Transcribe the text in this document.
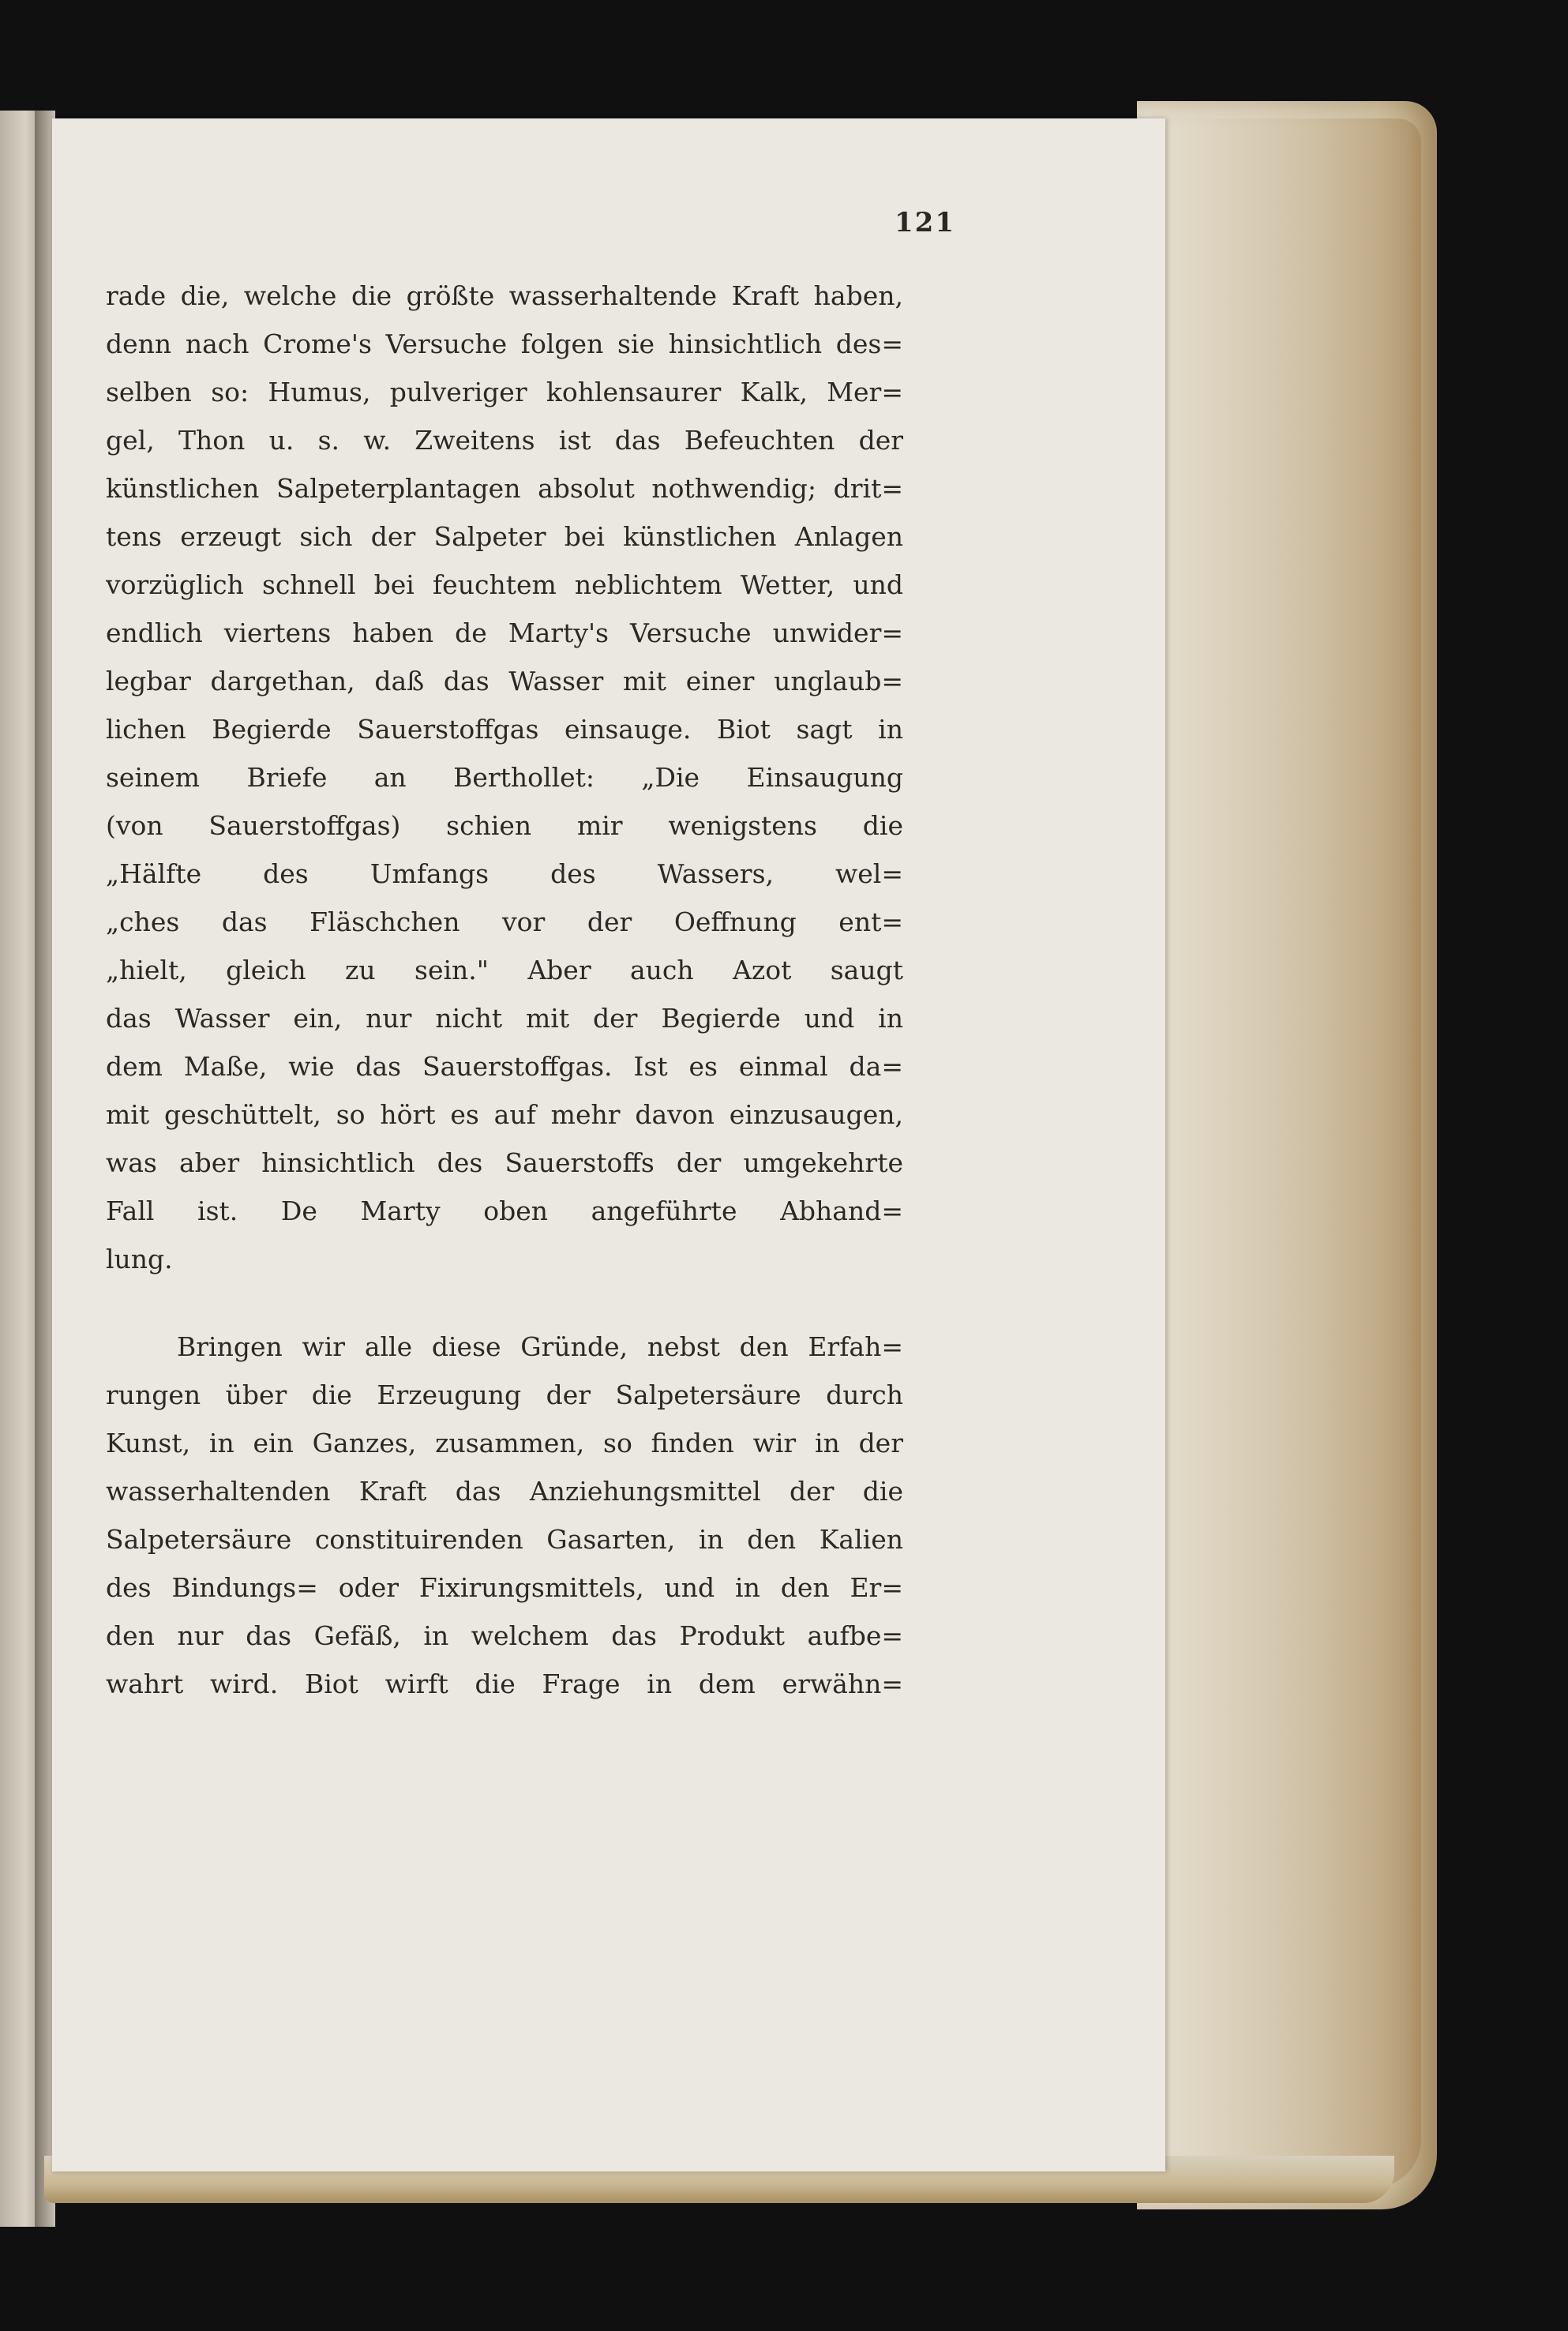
121
rade die, welche die größte wasserhaltende Kraft haben,
denn nach Crome's Versuche folgen sie hinsichtlich des=
selben so: Humus, pulveriger kohlensaurer Kalk, Mer=
gel, Thon u. s. w. Zweitens ist das Befeuchten der
künstlichen Salpeterplantagen absolut nothwendig; drit=
tens erzeugt sich der Salpeter bei künstlichen Anlagen
vorzüglich schnell bei feuchtem neblichtem Wetter, und
endlich viertens haben de Marty's Versuche unwider=
legbar dargethan, daß das Wasser mit einer unglaub=
lichen Begierde Sauerstoffgas einsauge. Biot sagt in
seinem Briefe an Berthollet: „Die Einsaugung
(von Sauerstoffgas) schien mir wenigstens die
„Hälfte des Umfangs des Wassers, wel=
„ches das Fläschchen vor der Oeffnung ent=
„hielt, gleich zu sein." Aber auch Azot saugt
das Wasser ein, nur nicht mit der Begierde und in
dem Maße, wie das Sauerstoffgas. Ist es einmal da=
mit geschüttelt, so hört es auf mehr davon einzusaugen,
was aber hinsichtlich des Sauerstoffs der umgekehrte
Fall ist. De Marty oben angeführte Abhand=
lung.
Bringen wir alle diese Gründe, nebst den Erfah=
rungen über die Erzeugung der Salpetersäure durch
Kunst, in ein Ganzes, zusammen, so finden wir in der
wasserhaltenden Kraft das Anziehungsmittel der die
Salpetersäure constituirenden Gasarten, in den Kalien
des Bindungs= oder Fixirungsmittels, und in den Er=
den nur das Gefäß, in welchem das Produkt aufbe=
wahrt wird. Biot wirft die Frage in dem erwähn=
